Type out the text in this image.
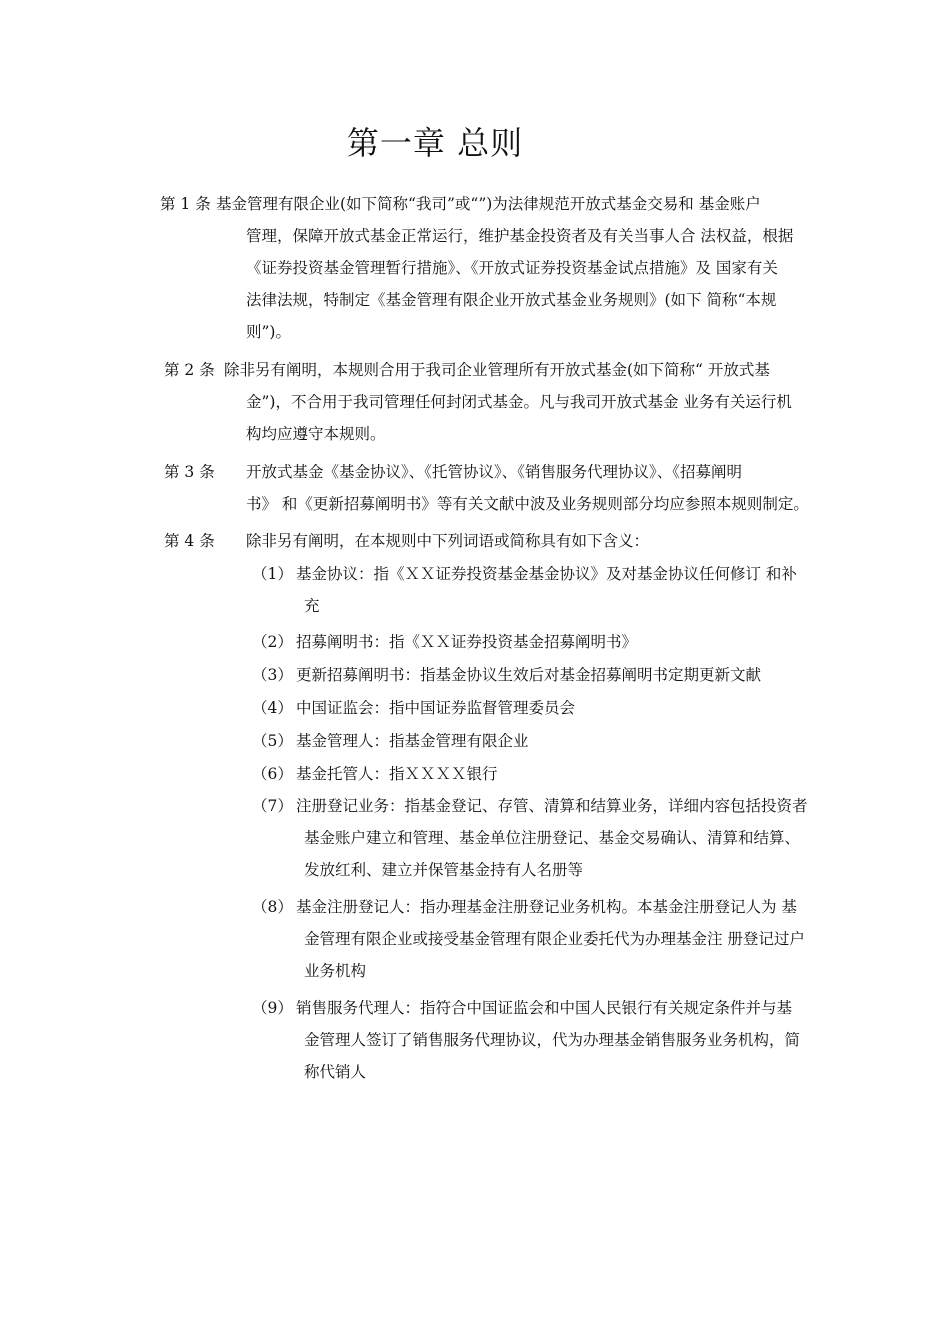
第一章 总则
第 1 条 基金管理有限企业(如下简称“我司”或“”)为法律规范开放式基金交易和 基金账户
管理，保障开放式基金正常运行，维护基金投资者及有关当事人合 法权益，根据
《证券投资基金管理暂行措施》、《开放式证券投资基金试点措施》及 国家有关
法律法规，特制定《基金管理有限企业开放式基金业务规则》(如下 简称“本规
则”)。
第 2 条 除非另有阐明，本规则合用于我司企业管理所有开放式基金(如下简称“ 开放式基
金”)，不合用于我司管理任何封闭式基金。凡与我司开放式基金 业务有关运行机
构均应遵守本规则。
第 3 条 开放式基金《基金协议》、《托管协议》、《销售服务代理协议》、《招募阐明
书》 和《更新招募阐明书》等有关文献中波及业务规则部分均应参照本规则制定。
第 4 条 除非另有阐明，在本规则中下列词语或简称具有如下含义：
（1） 基金协议：指《ＸＸ证券投资基金基金协议》及对基金协议任何修订 和补
充
（2） 招募阐明书：指《ＸＸ证券投资基金招募阐明书》
（3） 更新招募阐明书：指基金协议生效后对基金招募阐明书定期更新文献
（4） 中国证监会：指中国证券监督管理委员会
（5） 基金管理人：指基金管理有限企业
（6） 基金托管人：指ＸＸＸＸ银行
（7） 注册登记业务：指基金登记、存管、清算和结算业务，详细内容包括投资者
基金账户建立和管理、基金单位注册登记、基金交易确认、清算和结算、
发放红利、建立并保管基金持有人名册等
（8） 基金注册登记人：指办理基金注册登记业务机构。本基金注册登记人为 基
金管理有限企业或接受基金管理有限企业委托代为办理基金注 册登记过户
业务机构
（9） 销售服务代理人：指符合中国证监会和中国人民银行有关规定条件并与基
金管理人签订了销售服务代理协议，代为办理基金销售服务业务机构，简
称代销人
